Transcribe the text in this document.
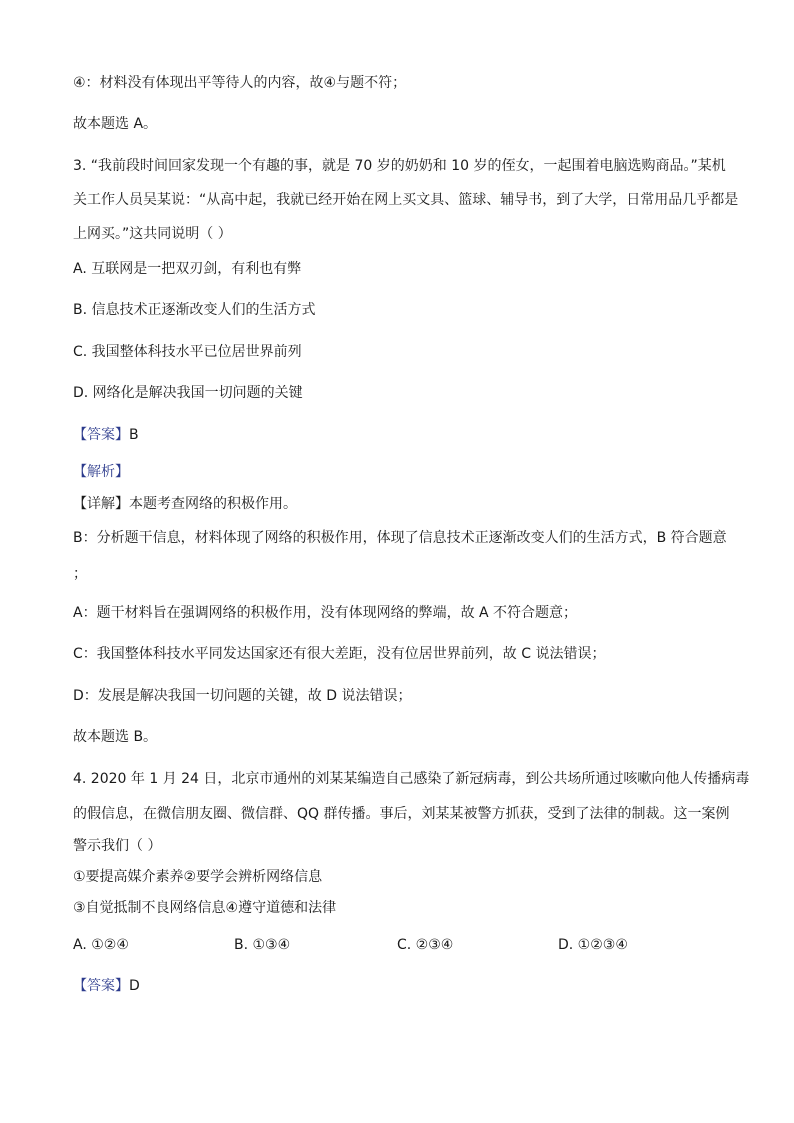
④：材料没有体现出平等待人的内容，故④与题不符；
故本题选 A。
3. “我前段时间回家发现一个有趣的事，就是 70 岁的奶奶和 10 岁的侄女，一起围着电脑选购商品。”某机
关工作人员吴某说：“从高中起，我就已经开始在网上买文具、篮球、辅导书，到了大学，日常用品几乎都是
上网买。”这共同说明（ ）
A. 互联网是一把双刃剑，有利也有弊
B. 信息技术正逐渐改变人们的生活方式
C. 我国整体科技水平已位居世界前列
D. 网络化是解决我国一切问题的关键
【答案】B
【解析】
【详解】本题考查网络的积极作用。
B：分析题干信息，材料体现了网络的积极作用，体现了信息技术正逐渐改变人们的生活方式，B 符合题意
；
A：题干材料旨在强调网络的积极作用，没有体现网络的弊端，故 A 不符合题意；
C：我国整体科技水平同发达国家还有很大差距，没有位居世界前列，故 C 说法错误；
D：发展是解决我国一切问题的关键，故 D 说法错误；
故本题选 B。
4. 2020 年 1 月 24 日，北京市通州的刘某某编造自己感染了新冠病毒，到公共场所通过咳嗽向他人传播病毒
的假信息，在微信朋友圈、微信群、QQ 群传播。事后，刘某某被警方抓获，受到了法律的制裁。这一案例
警示我们（ ）
①要提高媒介素养②要学会辨析网络信息
③自觉抵制不良网络信息④遵守道德和法律
A. ①②④	B. ①③④	C. ②③④	D. ①②③④
【答案】D
